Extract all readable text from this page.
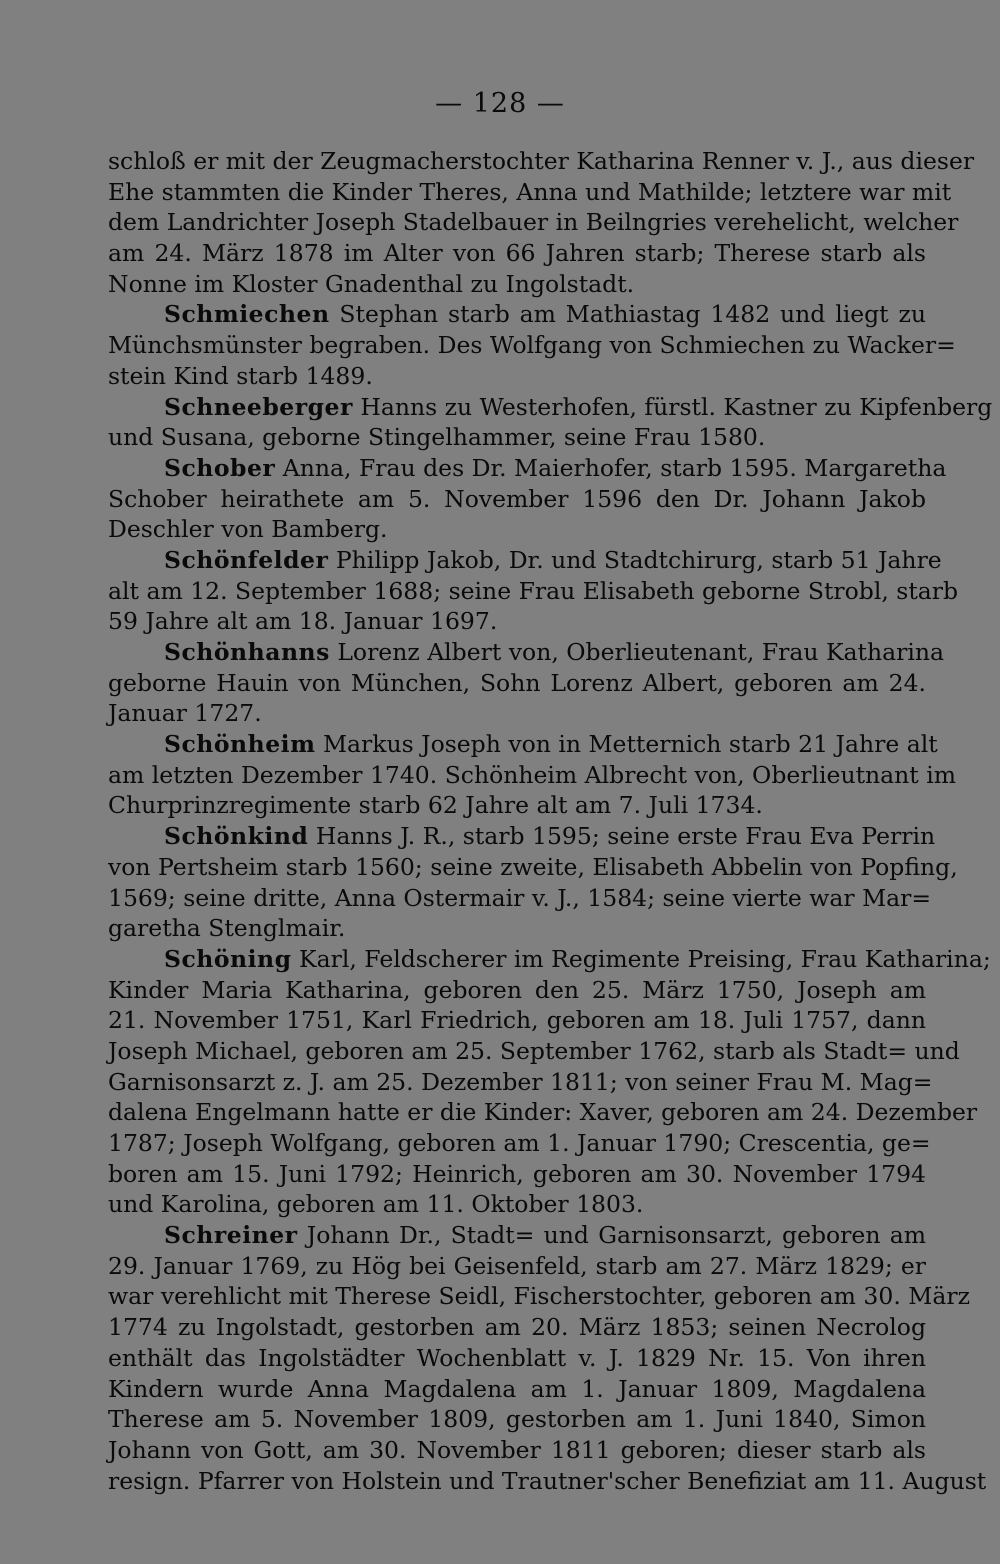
— 128 —
schloß er mit der Zeugmacherstochter Katharina Renner v. J., aus dieser
Ehe stammten die Kinder Theres, Anna und Mathilde; letztere war mit
dem Landrichter Joseph Stadelbauer in Beilngries verehelicht, welcher
am 24. März 1878 im Alter von 66 Jahren starb; Therese starb als
Nonne im Kloster Gnadenthal zu Ingolstadt.
Schmiechen Stephan starb am Mathiastag 1482 und liegt zu
Münchsmünster begraben. Des Wolfgang von Schmiechen zu Wacker=
stein Kind starb 1489.
Schneeberger Hanns zu Westerhofen, fürstl. Kastner zu Kipfenberg
und Susana, geborne Stingelhammer, seine Frau 1580.
Schober Anna, Frau des Dr. Maierhofer, starb 1595. Margaretha
Schober heirathete am 5. November 1596 den Dr. Johann Jakob
Deschler von Bamberg.
Schönfelder Philipp Jakob, Dr. und Stadtchirurg, starb 51 Jahre
alt am 12. September 1688; seine Frau Elisabeth geborne Strobl, starb
59 Jahre alt am 18. Januar 1697.
Schönhanns Lorenz Albert von, Oberlieutenant, Frau Katharina
geborne Hauin von München, Sohn Lorenz Albert, geboren am 24.
Januar 1727.
Schönheim Markus Joseph von in Metternich starb 21 Jahre alt
am letzten Dezember 1740. Schönheim Albrecht von, Oberlieutnant im
Churprinzregimente starb 62 Jahre alt am 7. Juli 1734.
Schönkind Hanns J. R., starb 1595; seine erste Frau Eva Perrin
von Pertsheim starb 1560; seine zweite, Elisabeth Abbelin von Popfing,
1569; seine dritte, Anna Ostermair v. J., 1584; seine vierte war Mar=
garetha Stenglmair.
Schöning Karl, Feldscherer im Regimente Preising, Frau Katharina;
Kinder Maria Katharina, geboren den 25. März 1750, Joseph am
21. November 1751, Karl Friedrich, geboren am 18. Juli 1757, dann
Joseph Michael, geboren am 25. September 1762, starb als Stadt= und
Garnisonsarzt z. J. am 25. Dezember 1811; von seiner Frau M. Mag=
dalena Engelmann hatte er die Kinder: Xaver, geboren am 24. Dezember
1787; Joseph Wolfgang, geboren am 1. Januar 1790; Crescentia, ge=
boren am 15. Juni 1792; Heinrich, geboren am 30. November 1794
und Karolina, geboren am 11. Oktober 1803.
Schreiner Johann Dr., Stadt= und Garnisonsarzt, geboren am
29. Januar 1769, zu Hög bei Geisenfeld, starb am 27. März 1829; er
war verehlicht mit Therese Seidl, Fischerstochter, geboren am 30. März
1774 zu Ingolstadt, gestorben am 20. März 1853; seinen Necrolog
enthält das Ingolstädter Wochenblatt v. J. 1829 Nr. 15. Von ihren
Kindern wurde Anna Magdalena am 1. Januar 1809, Magdalena
Therese am 5. November 1809, gestorben am 1. Juni 1840, Simon
Johann von Gott, am 30. November 1811 geboren; dieser starb als
resign. Pfarrer von Holstein und Trautner'scher Benefiziat am 11. August
